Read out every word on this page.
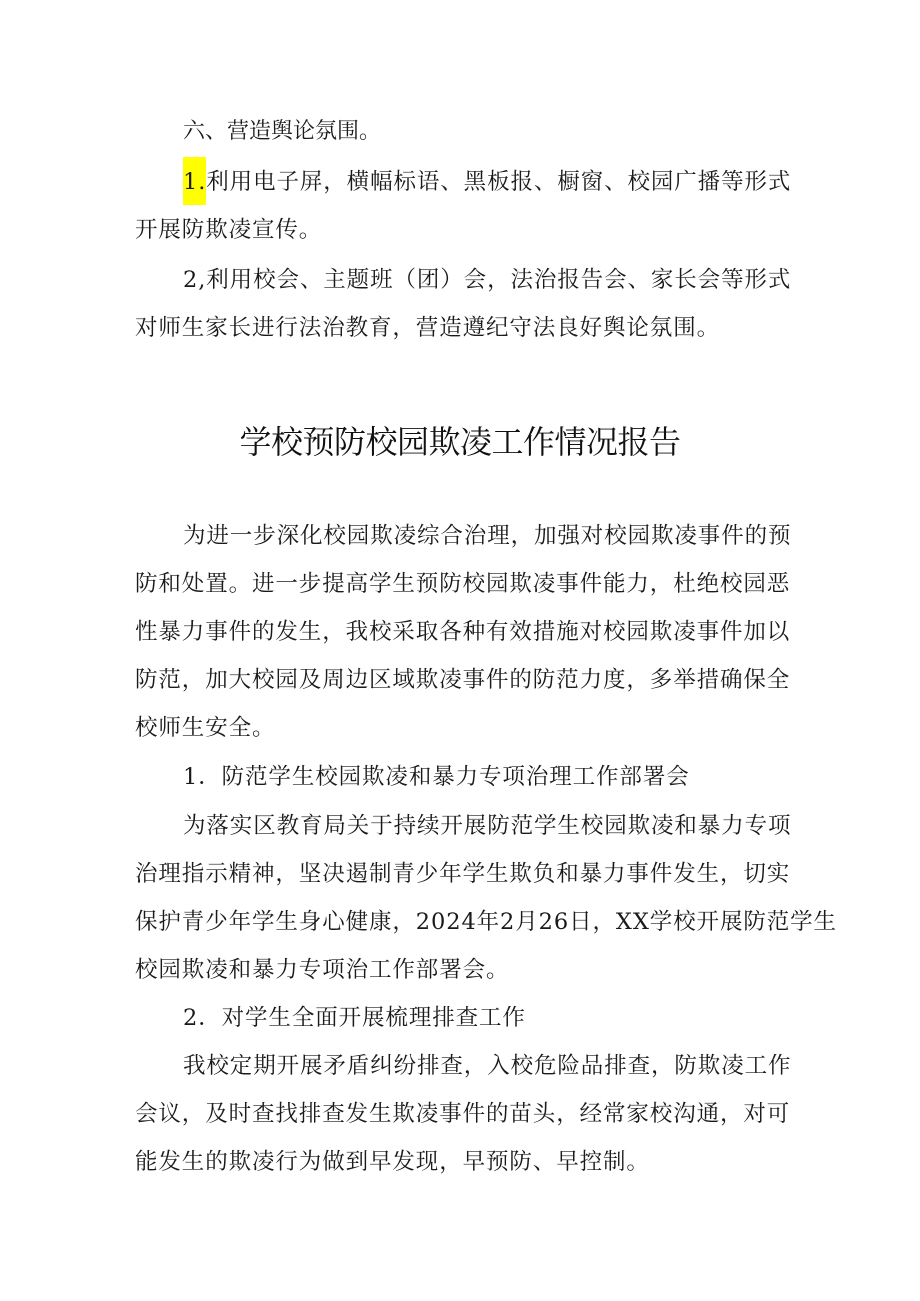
六、营造舆论氛围。
1.利用电子屏，横幅标语、黑板报、橱窗、校园广播等形式
开展防欺凌宣传。
2,利用校会、主题班（团）会，法治报告会、家长会等形式
对师生家长进行法治教育，营造遵纪守法良好舆论氛围。
学校预防校园欺凌工作情况报告
为进一步深化校园欺凌综合治理，加强对校园欺凌事件的预
防和处置。进一步提高学生预防校园欺凌事件能力，杜绝校园恶
性暴力事件的发生，我校采取各种有效措施对校园欺凌事件加以
防范，加大校园及周边区域欺凌事件的防范力度，多举措确保全
校师生安全。
1．防范学生校园欺凌和暴力专项治理工作部署会
为落实区教育局关于持续开展防范学生校园欺凌和暴力专项
治理指示精神，坚决遏制青少年学生欺负和暴力事件发生，切实
保护青少年学生身心健康，2024年2月26日，XX学校开展防范学生
校园欺凌和暴力专项治工作部署会。
2．对学生全面开展梳理排查工作
我校定期开展矛盾纠纷排查，入校危险品排查，防欺凌工作
会议，及时查找排查发生欺凌事件的苗头，经常家校沟通，对可
能发生的欺凌行为做到早发现，早预防、早控制。
